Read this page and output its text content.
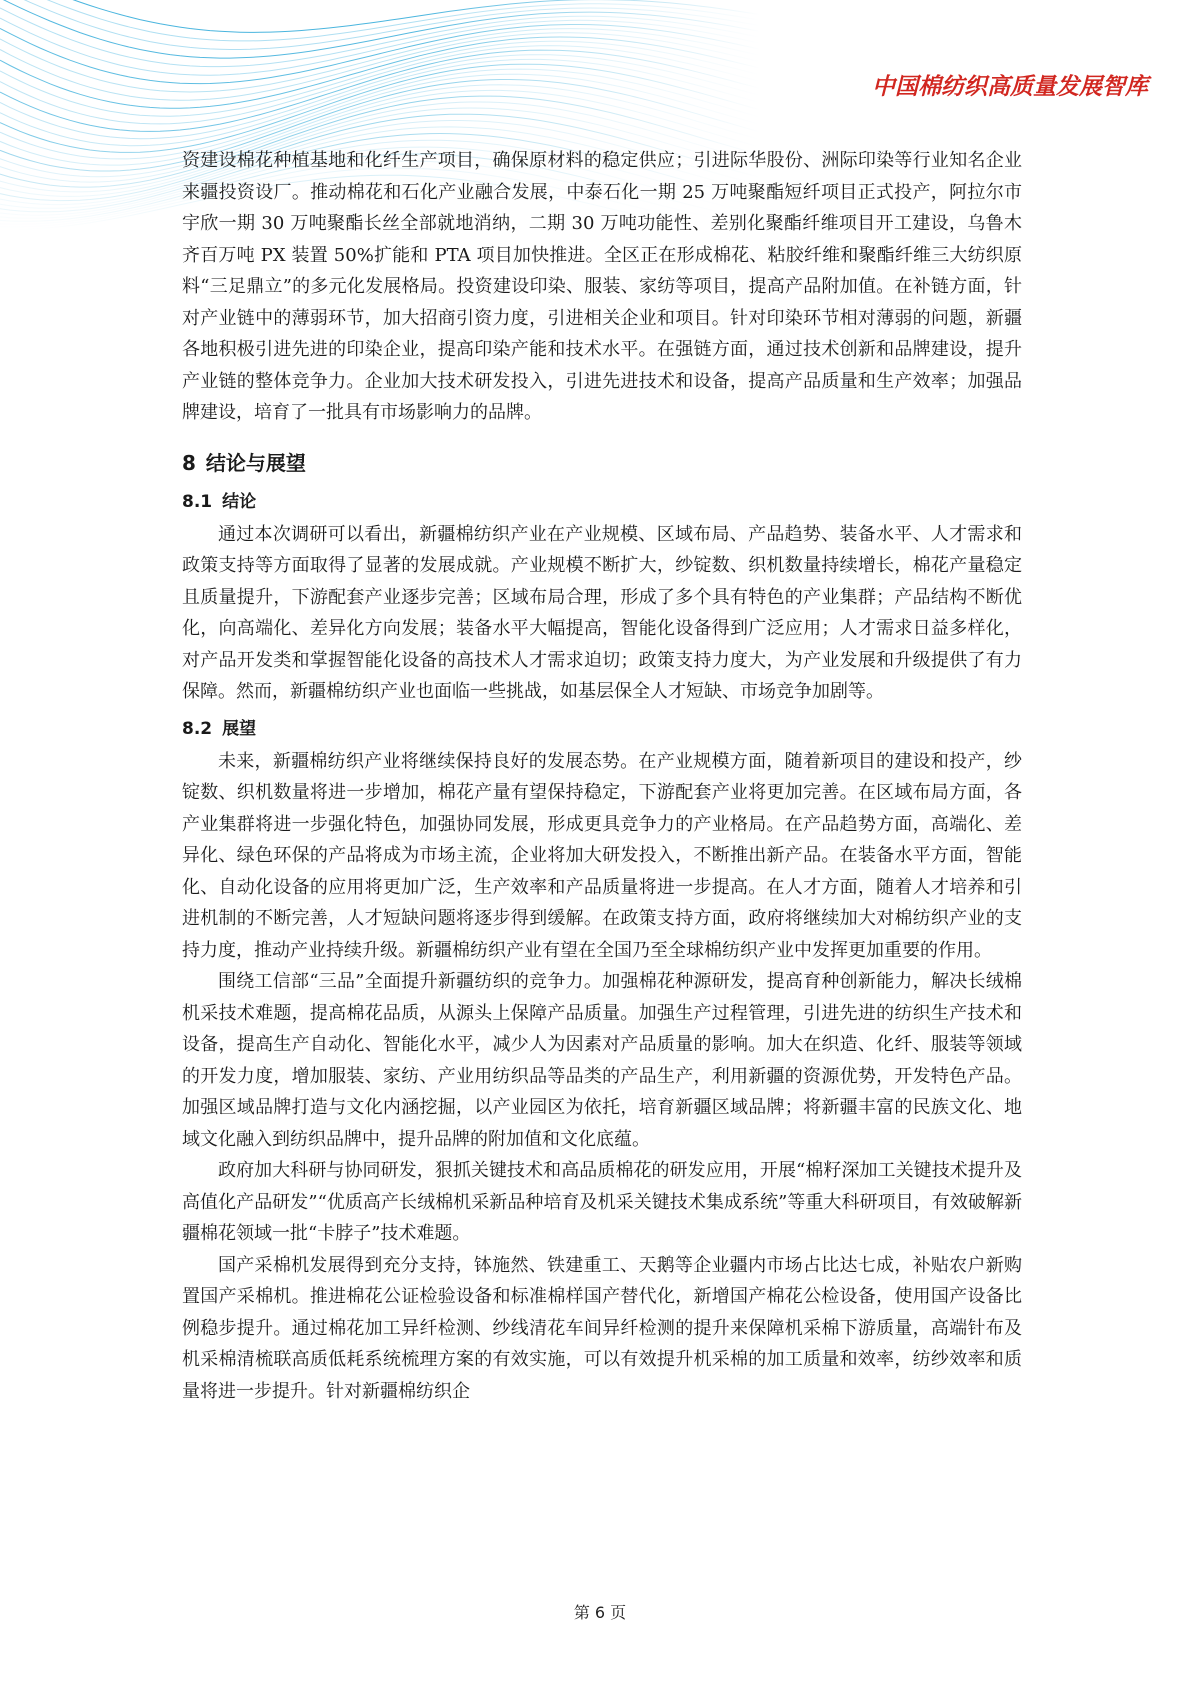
中国棉纺织高质量发展智库

资建设棉花种植基地和化纤生产项目，确保原材料的稳定供应；引进际华股份、洲际印染等行业知名企业来疆投资设厂。推动棉花和石化产业融合发展，中泰石化一期 25 万吨聚酯短纤项目正式投产，阿拉尔市宇欣一期 30 万吨聚酯长丝全部就地消纳，二期 30 万吨功能性、差别化聚酯纤维项目开工建设，乌鲁木齐百万吨 PX 装置 50%扩能和 PTA 项目加快推进。全区正在形成棉花、粘胶纤维和聚酯纤维三大纺织原料“三足鼎立”的多元化发展格局。投资建设印染、服装、家纺等项目，提高产品附加值。在补链方面，针对产业链中的薄弱环节，加大招商引资力度，引进相关企业和项目。针对印染环节相对薄弱的问题，新疆各地积极引进先进的印染企业，提高印染产能和技术水平。在强链方面，通过技术创新和品牌建设，提升产业链的整体竞争力。企业加大技术研发投入，引进先进技术和设备，提高产品质量和生产效率；加强品牌建设，培育了一批具有市场影响力的品牌。

8 结论与展望
8.1 结论

通过本次调研可以看出，新疆棉纺织产业在产业规模、区域布局、产品趋势、装备水平、人才需求和政策支持等方面取得了显著的发展成就。产业规模不断扩大，纱锭数、织机数量持续增长，棉花产量稳定且质量提升，下游配套产业逐步完善；区域布局合理，形成了多个具有特色的产业集群；产品结构不断优化，向高端化、差异化方向发展；装备水平大幅提高，智能化设备得到广泛应用；人才需求日益多样化，对产品开发类和掌握智能化设备的高技术人才需求迫切；政策支持力度大，为产业发展和升级提供了有力保障。然而，新疆棉纺织产业也面临一些挑战，如基层保全人才短缺、市场竞争加剧等。

8.2 展望

未来，新疆棉纺织产业将继续保持良好的发展态势。在产业规模方面，随着新项目的建设和投产，纱锭数、织机数量将进一步增加，棉花产量有望保持稳定，下游配套产业将更加完善。在区域布局方面，各产业集群将进一步强化特色，加强协同发展，形成更具竞争力的产业格局。在产品趋势方面，高端化、差异化、绿色环保的产品将成为市场主流，企业将加大研发投入，不断推出新产品。在装备水平方面，智能化、自动化设备的应用将更加广泛，生产效率和产品质量将进一步提高。在人才方面，随着人才培养和引进机制的不断完善，人才短缺问题将逐步得到缓解。在政策支持方面，政府将继续加大对棉纺织产业的支持力度，推动产业持续升级。新疆棉纺织产业有望在全国乃至全球棉纺织产业中发挥更加重要的作用。

围绕工信部“三品”全面提升新疆纺织的竞争力。加强棉花种源研发，提高育种创新能力，解决长绒棉机采技术难题，提高棉花品质，从源头上保障产品质量。加强生产过程管理，引进先进的纺织生产技术和设备，提高生产自动化、智能化水平，减少人为因素对产品质量的影响。加大在织造、化纤、服装等领域的开发力度，增加服装、家纺、产业用纺织品等品类的产品生产，利用新疆的资源优势，开发特色产品。加强区域品牌打造与文化内涵挖掘，以产业园区为依托，培育新疆区域品牌；将新疆丰富的民族文化、地域文化融入到纺织品牌中，提升品牌的附加值和文化底蕴。

政府加大科研与协同研发，狠抓关键技术和高品质棉花的研发应用，开展“棉籽深加工关键技术提升及高值化产品研发”“优质高产长绒棉机采新品种培育及机采关键技术集成系统”等重大科研项目，有效破解新疆棉花领域一批“卡脖子”技术难题。

国产采棉机发展得到充分支持，钵施然、铁建重工、天鹅等企业疆内市场占比达七成，补贴农户新购置国产采棉机。推进棉花公证检验设备和标准棉样国产替代化，新增国产棉花公检设备，使用国产设备比例稳步提升。通过棉花加工异纤检测、纱线清花车间异纤检测的提升来保障机采棉下游质量，高端针布及机采棉清梳联高质低耗系统梳理方案的有效实施，可以有效提升机采棉的加工质量和效率，纺纱效率和质量将进一步提升。针对新疆棉纺织企

第 6 页
